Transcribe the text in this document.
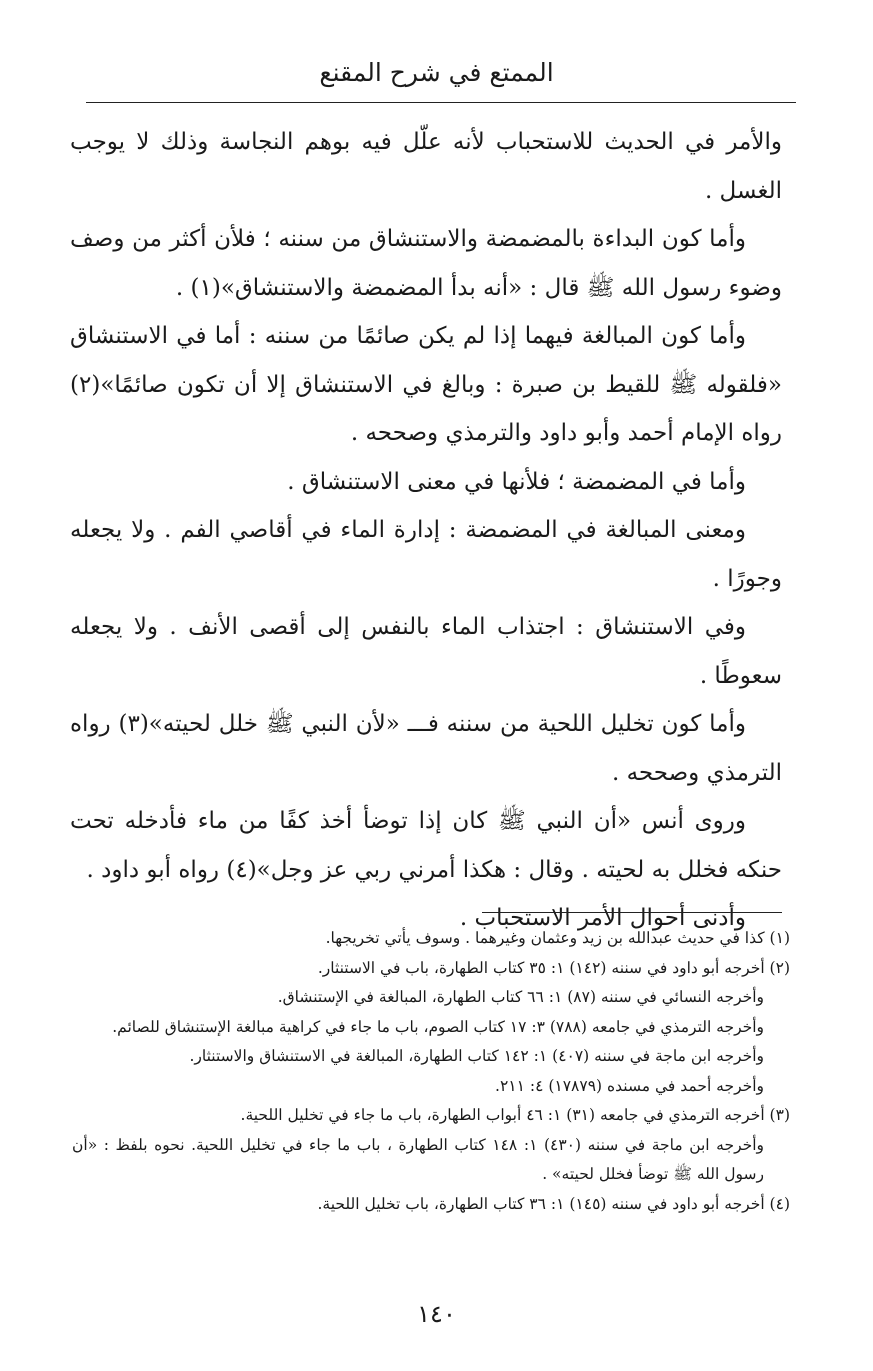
الممتع في شرح المقنع

والأمر في الحديث للاستحباب لأنه علّل فيه بوهم النجاسة وذلك لا يوجب الغسل .

وأما كون البداءة بالمضمضة والاستنشاق من سننه ؛ فلأن أكثر من وصف وضوء رسول الله ﷺ قال : «أنه بدأ المضمضة والاستنشاق»(١) .

وأما كون المبالغة فيهما إذا لم يكن صائمًا من سننه : أما في الاستنشاق «فلقوله ﷺ للقيط بن صبرة : وبالغ في الاستنشاق إلا أن تكون صائمًا»(٢) رواه الإمام أحمد وأبو داود والترمذي وصححه .

وأما في المضمضة ؛ فلأنها في معنى الاستنشاق .

ومعنى المبالغة في المضمضة : إدارة الماء في أقاصي الفم . ولا يجعله وجورًا .

وفي الاستنشاق : اجتذاب الماء بالنفس إلى أقصى الأنف . ولا يجعله سعوطًا .

وأما كون تخليل اللحية من سننه فـــ «لأن النبي ﷺ خلل لحيته»(٣) رواه الترمذي وصححه .

وروى أنس «أن النبي ﷺ كان إذا توضأ أخذ كفًا من ماء فأدخله تحت حنكه فخلل به لحيته . وقال : هكذا أمرني ربي عز وجل»(٤) رواه أبو داود .

وأدنى أحوال الأمر الاستحباب .

(١) كذا في حديث عبدالله بن زيد وعثمان وغيرهما . وسوف يأتي تخريجها.

(٢) أخرجه أبو داود في سننه (١٤٢) ١: ٣٥ كتاب الطهارة، باب في الاستنثار.

وأخرجه النسائي في سننه (٨٧) ١: ٦٦ كتاب الطهارة، المبالغة في الإستنشاق.

وأخرجه الترمذي في جامعه (٧٨٨) ٣: ١٧ كتاب الصوم، باب ما جاء في كراهية مبالغة الإستنشاق للصائم.

وأخرجه ابن ماجة في سننه (٤٠٧) ١: ١٤٢ كتاب الطهارة، المبالغة في الاستنشاق والاستنثار.

وأخرجه أحمد في مسنده (١٧٨٧٩) ٤: ٢١١.

(٣) أخرجه الترمذي في جامعه (٣١) ١: ٤٦ أبواب الطهارة، باب ما جاء في تخليل اللحية.

وأخرجه ابن ماجة في سننه (٤٣٠) ١: ١٤٨ كتاب الطهارة ، باب ما جاء في تخليل اللحية. نحوه بلفظ : «أن رسول الله ﷺ توضأ فخلل لحيته» .

(٤) أخرجه أبو داود في سننه (١٤٥) ١: ٣٦ كتاب الطهارة، باب تخليل اللحية.

١٤٠
